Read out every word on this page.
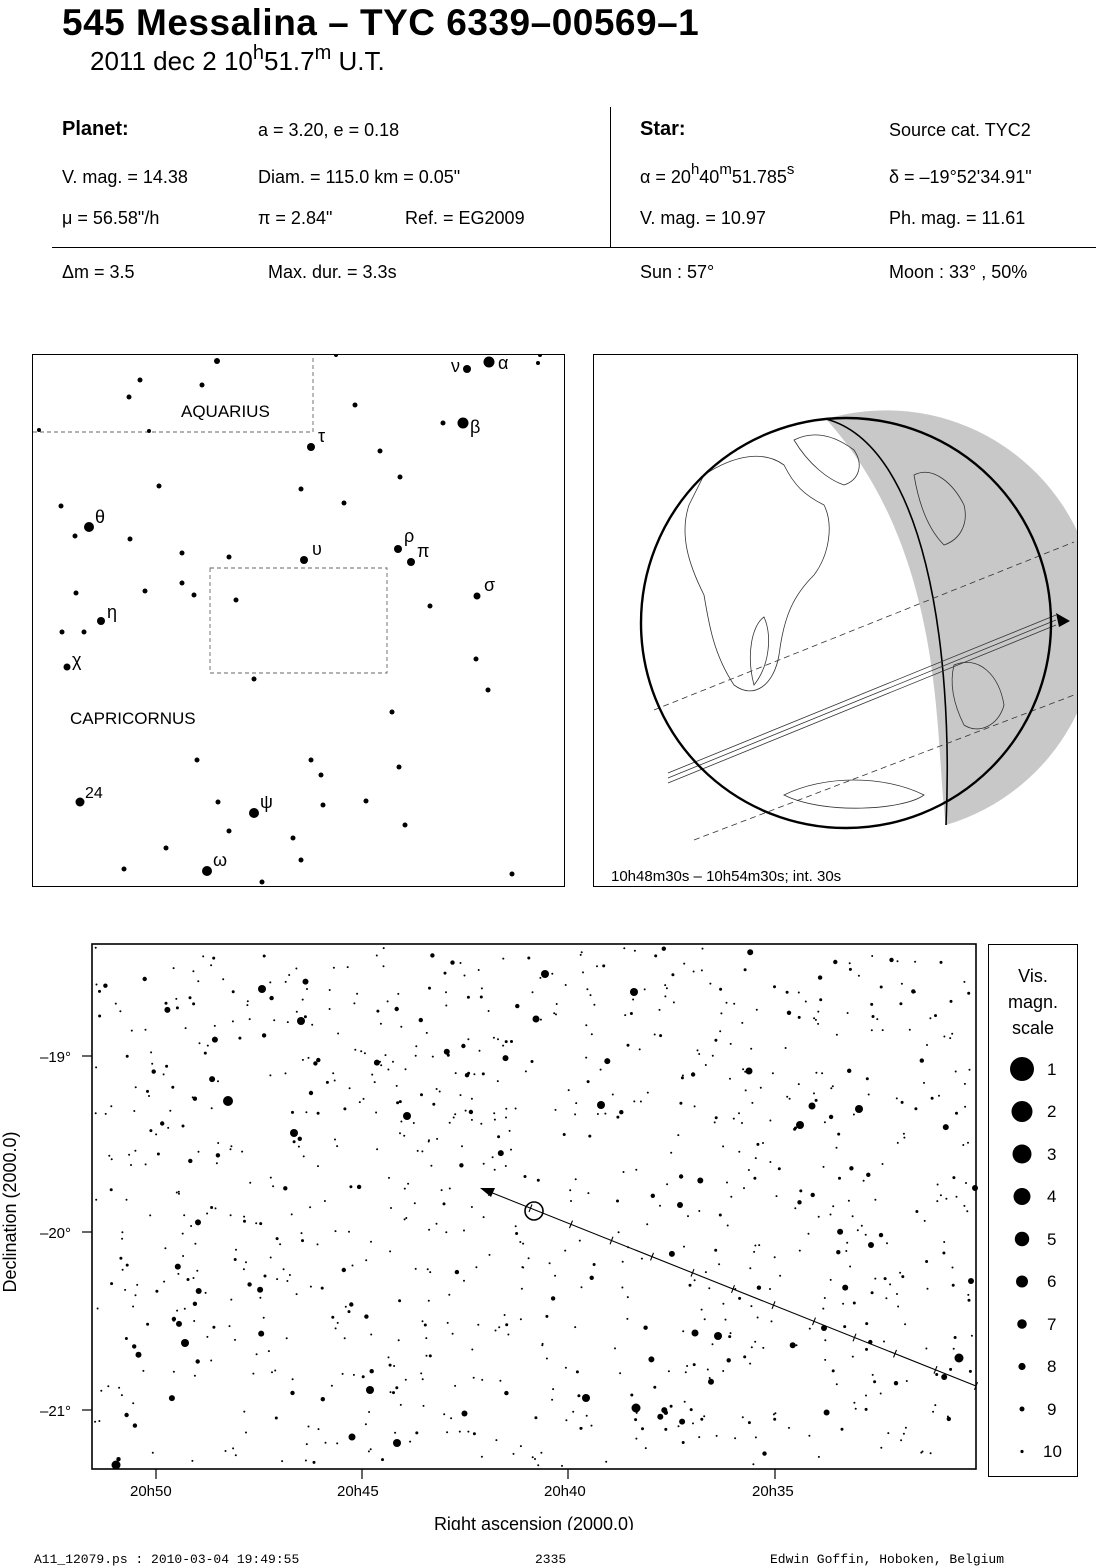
545 Messalina – TYC 6339–00569–1
2011 dec 2 10$^h$51.7$^m$ U.T.
Planet:	a = 3.20, e = 0.18
V. mag. = 14.38	Diam. = 115.0 km = 0.05"
μ = 56.58"/h	π = 2.84"	Ref. = EG2009
Star:	Source cat. TYC2
$\alpha = 20^h40^m51.785^s$	δ = –19°52'34.91"
V. mag. = 10.97	Ph. mag. = 11.61
Δm = 3.5	Max. dur. = 3.3s	Sun : 57°	Moon : 33° , 50%
AQUARIUS
CAPRICORNUS
ν α
β
τ
θ
υ
ρ
π
σ
η
χ
24	ψ
ω
10h48m30s – 10h54m30s; int. 30s
–19°
–20°
–21°
20h50	20h45	20h40	20h35
Right ascension (2000.0)
Declination (2000.0)
Vis.
magn.
scale
1
2
3
4
5
6
7
8
9
10
A11_12079.ps : 2010-03-04 19:49:55	2335	Edwin Goffin, Hoboken, Belgium
